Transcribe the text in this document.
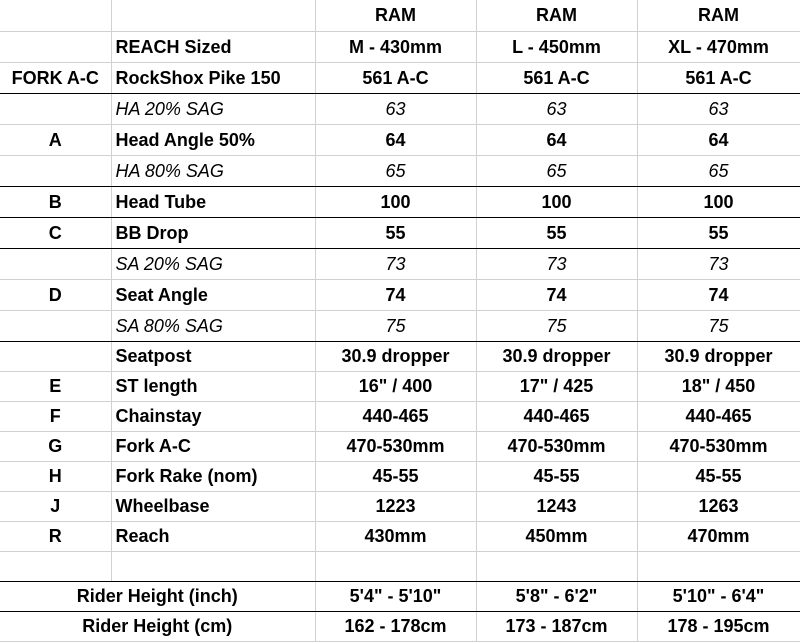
		RAM	RAM	RAM
	REACH Sized	M - 430mm	L - 450mm	XL - 470mm
FORK A-C	RockShox Pike 150	561 A-C	561 A-C	561 A-C
	HA 20% SAG	63	63	63
A	Head Angle 50%	64	64	64
	HA 80% SAG	65	65	65
B	Head Tube	100	100	100
C	BB Drop	55	55	55
	SA 20% SAG	73	73	73
D	Seat Angle	74	74	74
	SA 80% SAG	75	75	75
	Seatpost	30.9 dropper	30.9 dropper	30.9 dropper
E	ST length	16" / 400	17" / 425	18" / 450
F	Chainstay	440-465	440-465	440-465
G	Fork A-C	470-530mm	470-530mm	470-530mm
H	Fork Rake (nom)	45-55	45-55	45-55
J	Wheelbase	1223	1243	1263
R	Reach	430mm	450mm	470mm

Rider Height (inch)		5'4" - 5'10"	5'8" - 6'2"	5'10" - 6'4"
Rider Height (cm)		162 - 178cm	173 - 187cm	178 - 195cm
